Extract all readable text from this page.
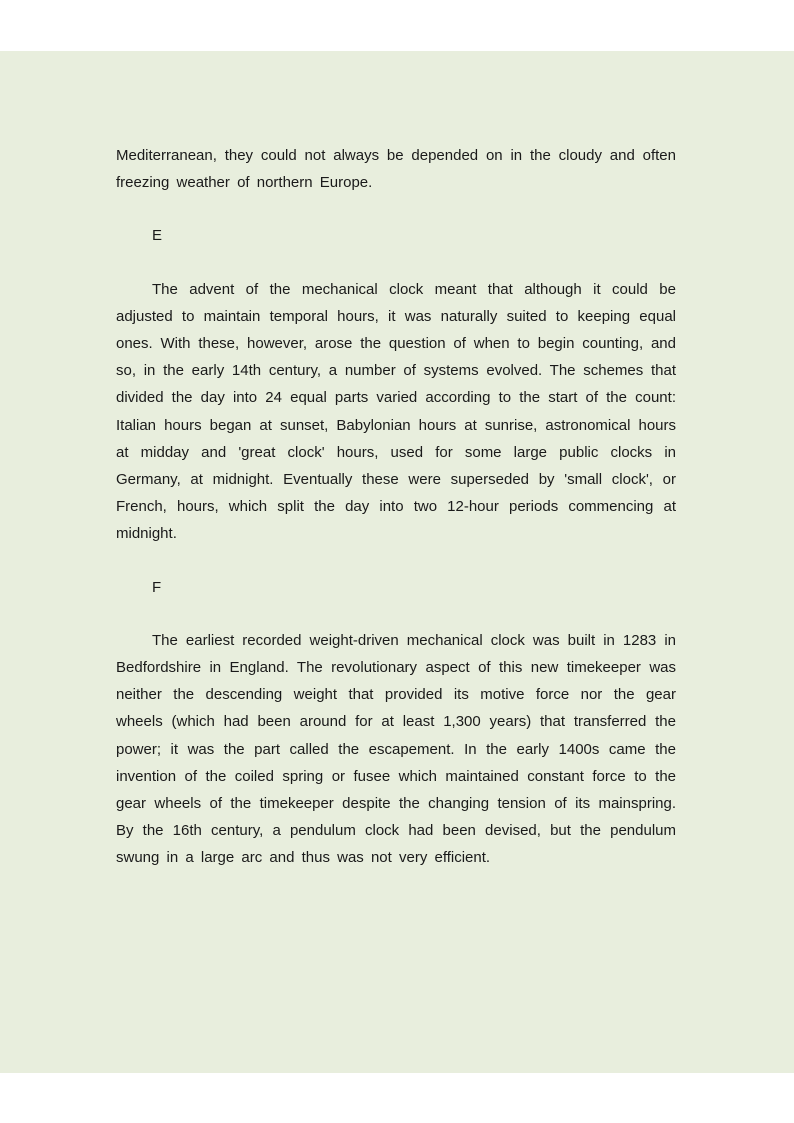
Mediterranean, they could not always be depended on in the cloudy and often freezing weather of northern Europe.

E

The advent of the mechanical clock meant that although it could be adjusted to maintain temporal hours, it was naturally suited to keeping equal ones. With these, however, arose the question of when to begin counting, and so, in the early 14th century, a number of systems evolved. The schemes that divided the day into 24 equal parts varied according to the start of the count: Italian hours began at sunset, Babylonian hours at sunrise, astronomical hours at midday and 'great clock' hours, used for some large public clocks in Germany, at midnight. Eventually these were superseded by 'small clock', or French, hours, which split the day into two 12-hour periods commencing at midnight.

F

The earliest recorded weight-driven mechanical clock was built in 1283 in Bedfordshire in England. The revolutionary aspect of this new timekeeper was neither the descending weight that provided its motive force nor the gear wheels (which had been around for at least 1,300 years) that transferred the power; it was the part called the escapement. In the early 1400s came the invention of the coiled spring or fusee which maintained constant force to the gear wheels of the timekeeper despite the changing tension of its mainspring. By the 16th century, a pendulum clock had been devised, but the pendulum swung in a large arc and thus was not very efficient.
